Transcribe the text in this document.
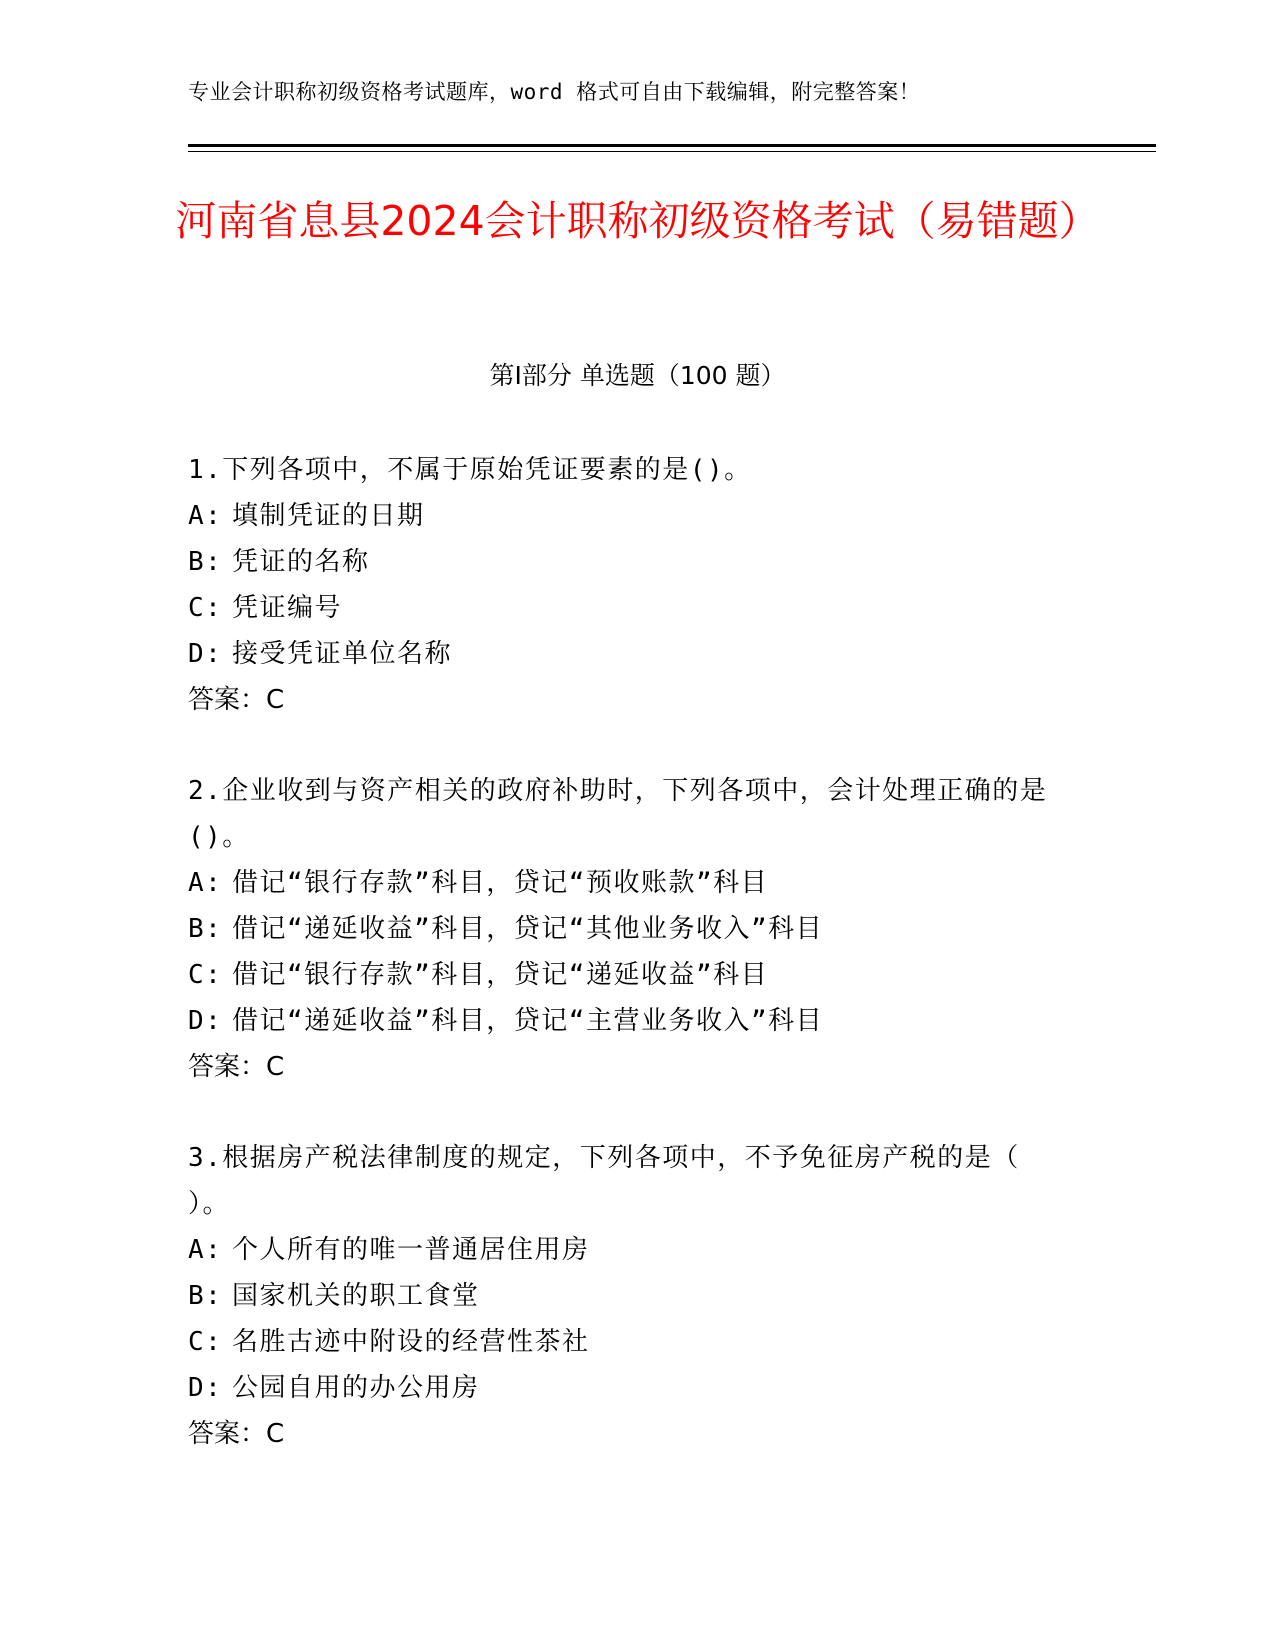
专业会计职称初级资格考试题库，word 格式可自由下载编辑，附完整答案！
河南省息县2024会计职称初级资格考试（易错题）
第Ⅰ部分 单选题（100 题）
1.下列各项中，不属于原始凭证要素的是()。
A: 填制凭证的日期
B: 凭证的名称
C: 凭证编号
D: 接受凭证单位名称
答案：C
2.企业收到与资产相关的政府补助时，下列各项中，会计处理正确的是()。
A: 借记“银行存款”科目，贷记“预收账款”科目
B: 借记“递延收益”科目，贷记“其他业务收入”科目
C: 借记“银行存款”科目，贷记“递延收益”科目
D: 借记“递延收益”科目，贷记“主营业务收入”科目
答案：C
3.根据房产税法律制度的规定，下列各项中，不予免征房产税的是（ ）。
A: 个人所有的唯一普通居住用房
B: 国家机关的职工食堂
C: 名胜古迹中附设的经营性茶社
D: 公园自用的办公用房
答案：C
